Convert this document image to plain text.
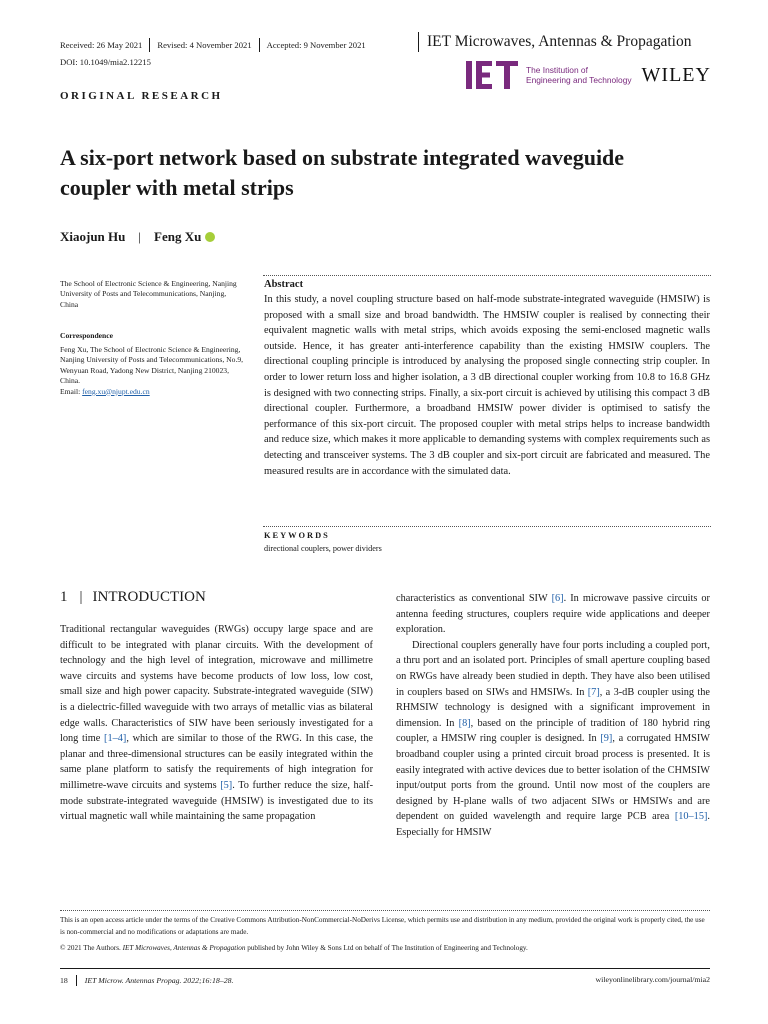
Received: 26 May 2021 Revised: 4 November 2021 Accepted: 9 November 2021	IET Microwaves, Antennas & Propagation
DOI: 10.1049/mia2.12215
The Institution of
Engineering and Technology WILEY
ORIGINAL RESEARCH
A six-port network based on substrate integrated waveguide coupler with metal strips
Xiaojun Hu | Feng Xu
The School of Electronic Science & Engineering, Nanjing University of Posts and Telecommunications, Nanjing, China
Correspondence
Feng Xu, The School of Electronic Science & Engineering, Nanjing University of Posts and Telecommunications, No.9, Wenyuan Road, Yadong New District, Nanjing 210023, China.
Email: feng.xu@njupt.edu.cn
Abstract
In this study, a novel coupling structure based on half-mode substrate-integrated waveguide (HMSIW) is proposed with a small size and broad bandwidth. The HMSIW coupler is realised by connecting their equivalent magnetic walls with metal strips, which avoids exposing the semi-enclosed magnetic walls outside. Hence, it has greater anti-interference capability than the existing HMSIW couplers. The directional coupling principle is introduced by analysing the proposed single connecting strip coupler. In order to lower return loss and higher isolation, a 3 dB directional coupler working from 10.8 to 16.8 GHz is designed with two connecting strips. Finally, a six-port circuit is achieved by utilising this compact 3 dB directional coupler. Furthermore, a broadband HMSIW power divider is optimised to satisfy the performance of this six-port circuit. The proposed coupler with metal strips helps to increase bandwidth and reduce size, which makes it more applicable to demanding systems with complex requirements such as detecting and transceiver systems. The 3 dB coupler and six-port circuit are fabricated and measured. The measured results are in accordance with the simulated data.
KEYWORDS
directional couplers, power dividers
1 | INTRODUCTION

Traditional rectangular waveguides (RWGs) occupy large space and are difficult to be integrated with planar circuits. With the development of technology and the high level of integration, microwave and millimetre wave circuits and systems have become products of low loss, low cost, small size and high power capacity. Substrate-integrated waveguide (SIW) is a dielectric-filled waveguide with two arrays of metallic vias as bilateral edge walls. Characteristics of SIW have been seriously investigated for a long time [1–4], which are similar to those of the RWG. In this case, the planar and three-dimensional structures can be easily integrated within the same plane platform to satisfy the requirements of high integration for millimetre-wave circuits and systems [5]. To further reduce the size, half-mode substrate-integrated waveguide (HMSIW) is investigated due to its virtual magnetic wall while maintaining the same propagation

characteristics as conventional SIW [6]. In microwave passive circuits or antenna feeding structures, couplers require wide applications and deeper exploration.

Directional couplers generally have four ports including a coupled port, a thru port and an isolated port. Principles of small aperture coupling based on RWGs have already been studied in depth. They have also been utilised in couplers based on SIWs and HMSIWs. In [7], a 3-dB coupler using the RHMSIW technology is designed with a significant improvement in dimension. In [8], based on the principle of tradition of 180 hybrid ring coupler, a HMSIW ring coupler is designed. In [9], a corrugated HMSIW broadband coupler using a printed circuit broad process is presented. It is easily integrated with active devices due to better isolation of the CHMSIW input/output ports from the ground. Until now most of the couplers are designed by H-plane walls of two adjacent SIWs or HMSIWs and are dependent on guided wavelength and require large PCB area [10–15]. Especially for HMSIW

This is an open access article under the terms of the Creative Commons Attribution-NonCommercial-NoDerivs License, which permits use and distribution in any medium, provided the original work is properly cited, the use is non-commercial and no modifications or adaptations are made.
© 2021 The Authors. IET Microwaves, Antennas & Propagation published by John Wiley & Sons Ltd on behalf of The Institution of Engineering and Technology.
18 IET Microw. Antennas Propag. 2022;16:18–28.	wileyonlinelibrary.com/journal/mia2
